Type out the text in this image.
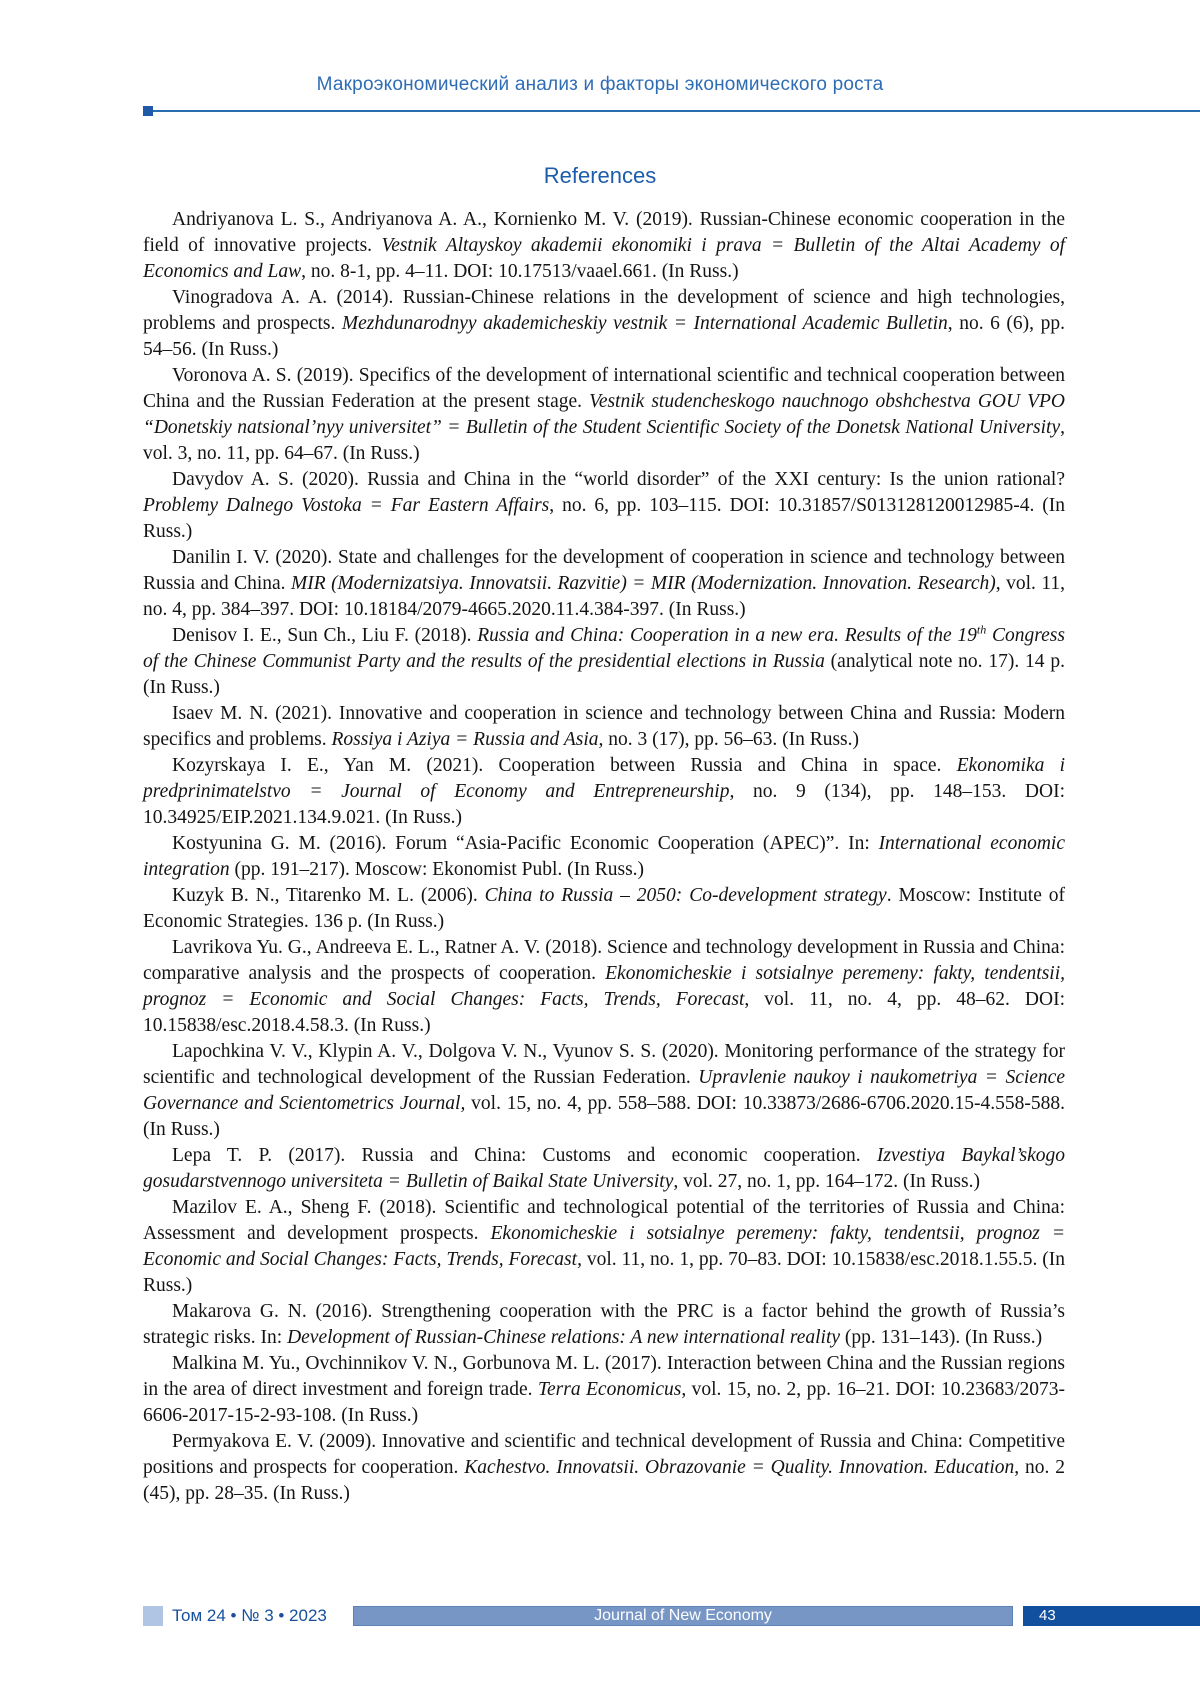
Макроэкономический анализ и факторы экономического роста
References

Andriyanova L. S., Andriyanova A. A., Kornienko M. V. (2019). Russian-Chinese economic cooperation in the field of innovative projects. Vestnik Altayskoy akademii ekonomiki i prava = Bulletin of the Altai Academy of Economics and Law, no. 8-1, pp. 4–11. DOI: 10.17513/vaael.661. (In Russ.)

Vinogradova A. A. (2014). Russian-Chinese relations in the development of science and high technologies, problems and prospects. Mezhdunarodnyy akademicheskiy vestnik = International Academic Bulletin, no. 6 (6), pp. 54–56. (In Russ.)

Voronova A. S. (2019). Specifics of the development of international scientific and technical cooperation between China and the Russian Federation at the present stage. Vestnik studencheskogo nauchnogo obshchestva GOU VPO “Donetskiy natsional’nyy universitet” = Bulletin of the Student Scientific Society of the Donetsk National University, vol. 3, no. 11, pp. 64–67. (In Russ.)

Davydov A. S. (2020). Russia and China in the “world disorder” of the XXI century: Is the union rational? Problemy Dalnego Vostoka = Far Eastern Affairs, no. 6, pp. 103–115. DOI: 10.31857/S013128120012985-4. (In Russ.)

Danilin I. V. (2020). State and challenges for the development of cooperation in science and technology between Russia and China. MIR (Modernizatsiya. Innovatsii. Razvitie) = MIR (Modernization. Innovation. Research), vol. 11, no. 4, pp. 384–397. DOI: 10.18184/2079-4665.2020.11.4.384-397. (In Russ.)

Denisov I. E., Sun Ch., Liu F. (2018). Russia and China: Cooperation in a new era. Results of the 19th Congress of the Chinese Communist Party and the results of the presidential elections in Russia (analytical note no. 17). 14 p. (In Russ.)

Isaev M. N. (2021). Innovative and cooperation in science and technology between China and Russia: Modern specifics and problems. Rossiya i Aziya = Russia and Asia, no. 3 (17), pp. 56–63. (In Russ.)

Kozyrskaya I. E., Yan M. (2021). Cooperation between Russia and China in space. Ekonomika i predprinimatelstvo = Journal of Economy and Entrepreneurship, no. 9 (134), pp. 148–153. DOI: 10.34925/EIP.2021.134.9.021. (In Russ.)

Kostyunina G. M. (2016). Forum “Asia-Pacific Economic Cooperation (APEC)”. In: International economic integration (pp. 191–217). Moscow: Ekonomist Publ. (In Russ.)

Kuzyk B. N., Titarenko M. L. (2006). China to Russia – 2050: Co-development strategy. Moscow: Institute of Economic Strategies. 136 p. (In Russ.)

Lavrikova Yu. G., Andreeva E. L., Ratner A. V. (2018). Science and technology development in Russia and China: comparative analysis and the prospects of cooperation. Ekonomicheskie i sotsialnye peremeny: fakty, tendentsii, prognoz = Economic and Social Changes: Facts, Trends, Forecast, vol. 11, no. 4, pp. 48–62. DOI: 10.15838/esc.2018.4.58.3. (In Russ.)

Lapochkina V. V., Klypin A. V., Dolgova V. N., Vyunov S. S. (2020). Monitoring performance of the strategy for scientific and technological development of the Russian Federation. Upravlenie naukoy i naukometriya = Science Governance and Scientometrics Journal, vol. 15, no. 4, pp. 558–588. DOI: 10.33873/2686-6706.2020.15-4.558-588. (In Russ.)

Lepa T. P. (2017). Russia and China: Customs and economic cooperation. Izvestiya Baykal’skogo gosudarstvennogo universiteta = Bulletin of Baikal State University, vol. 27, no. 1, pp. 164–172. (In Russ.)

Mazilov E. A., Sheng F. (2018). Scientific and technological potential of the territories of Russia and China: Assessment and development prospects. Ekonomicheskie i sotsialnye peremeny: fakty, tendentsii, prognoz = Economic and Social Changes: Facts, Trends, Forecast, vol. 11, no. 1, pp. 70–83. DOI: 10.15838/esc.2018.1.55.5. (In Russ.)

Makarova G. N. (2016). Strengthening cooperation with the PRC is a factor behind the growth of Russia’s strategic risks. In: Development of Russian-Chinese relations: A new international reality (pp. 131–143). (In Russ.)

Malkina M. Yu., Ovchinnikov V. N., Gorbunova M. L. (2017). Interaction between China and the Russian regions in the area of direct investment and foreign trade. Terra Economicus, vol. 15, no. 2, pp. 16–21. DOI: 10.23683/2073-6606-2017-15-2-93-108. (In Russ.)

Permyakova E. V. (2009). Innovative and scientific and technical development of Russia and China: Competitive positions and prospects for cooperation. Kachestvo. Innovatsii. Obrazovanie = Quality. Innovation. Education, no. 2 (45), pp. 28–35. (In Russ.)

Том 24 • № 3 • 2023	Journal of New Economy	43
